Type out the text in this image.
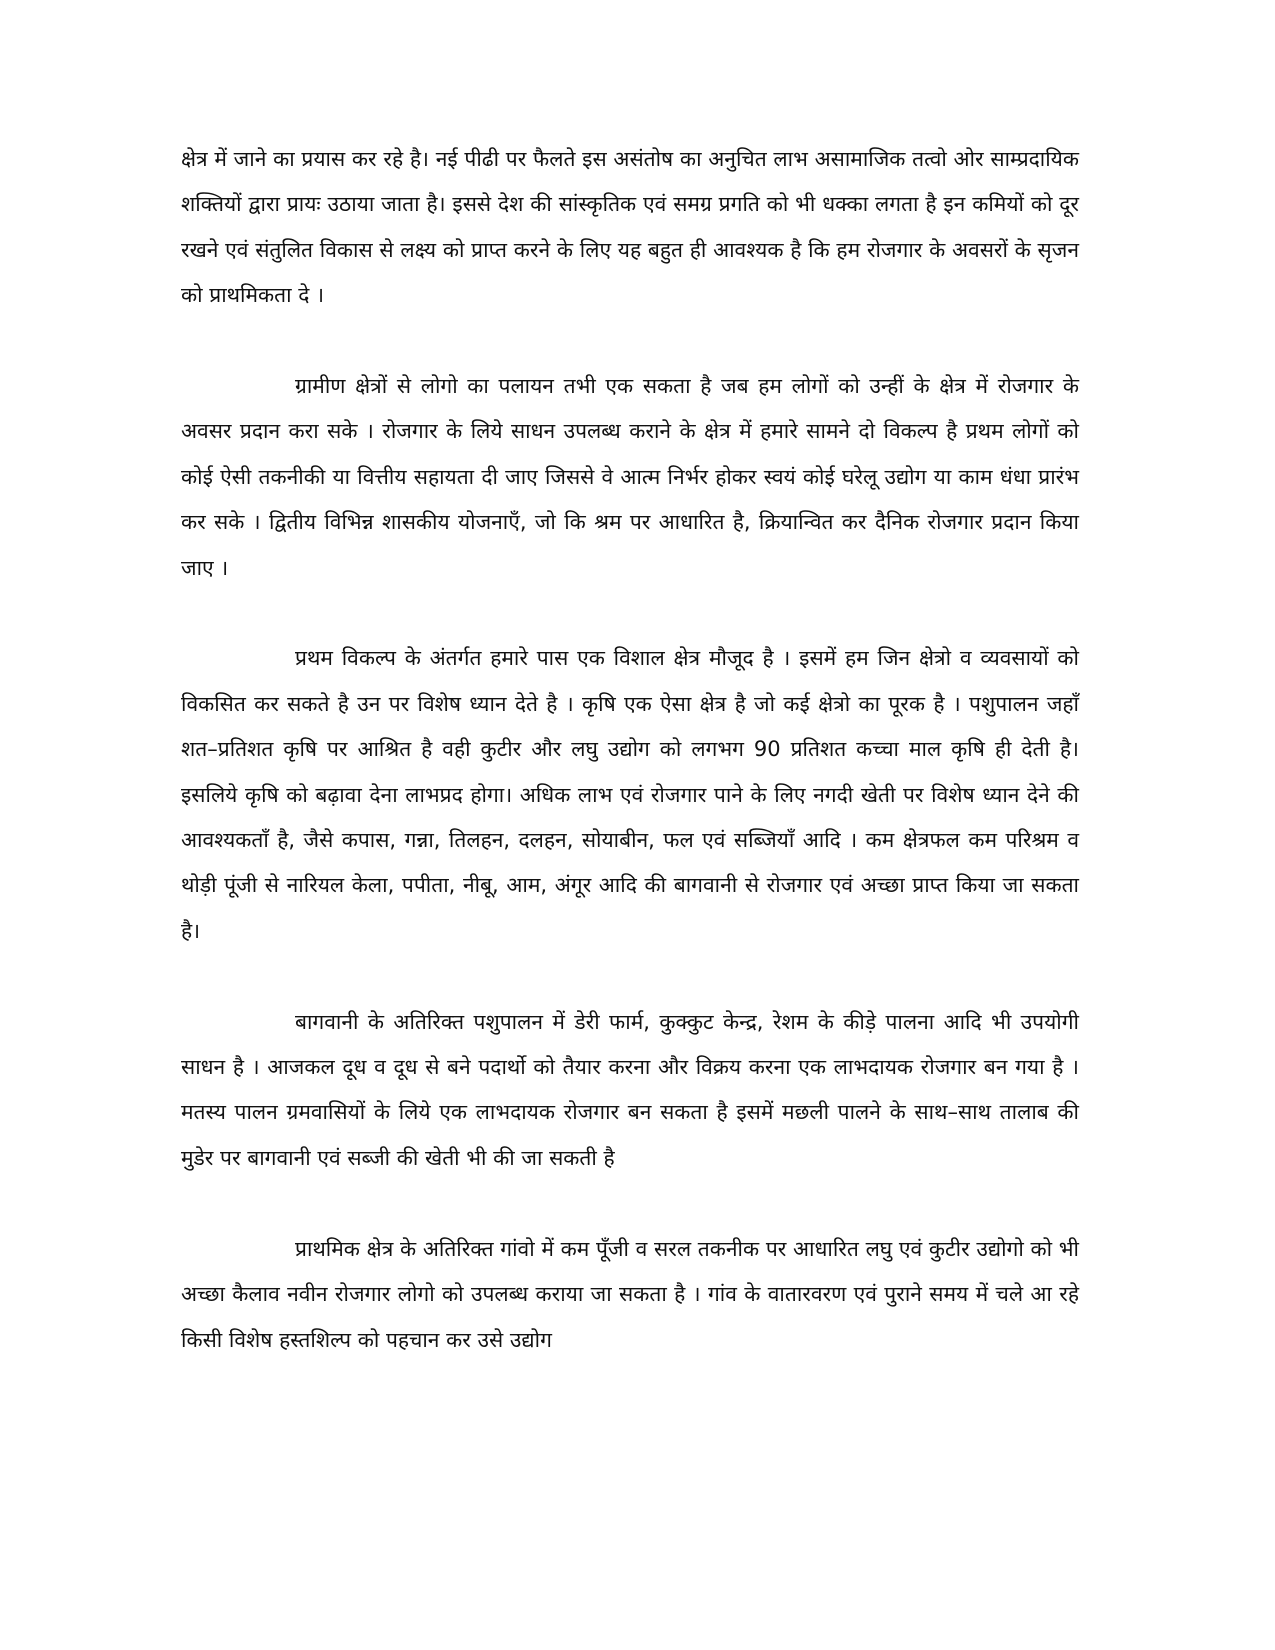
क्षेत्र में जाने का प्रयास कर रहे है। नई पीढी पर फैलते इस असंतोष का अनुचित लाभ असामाजिक तत्वो ओर साम्प्रदायिक शक्तियों द्वारा प्रायः उठाया जाता है। इससे देश की सांस्कृतिक एवं समग्र प्रगति को भी धक्का लगता है इन कमियों को दूर रखने एवं संतुलित विकास से लक्ष्य को प्राप्त करने के लिए यह बहुत ही आवश्यक है कि हम रोजगार के अवसरों के सृजन को प्राथमिकता दे ।

ग्रामीण क्षेत्रों से लोगो का पलायन तभी एक सकता है जब हम लोगों को उन्हीं के क्षेत्र में रोजगार के अवसर प्रदान करा सके । रोजगार के लिये साधन उपलब्ध कराने के क्षेत्र में हमारे सामने दो विकल्प है प्रथम लोगों को कोई ऐसी तकनीकी या वित्तीय सहायता दी जाए जिससे वे आत्म निर्भर होकर स्वयं कोई घरेलू उद्योग या काम धंधा प्रारंभ कर सके । द्वितीय विभिन्न शासकीय योजनाएँ, जो कि श्रम पर आधारित है, क्रियान्वित कर दैनिक रोजगार प्रदान किया जाए ।

प्रथम विकल्प के अंतर्गत हमारे पास एक विशाल क्षेत्र मौजूद है । इसमें हम जिन क्षेत्रो व व्यवसायों को विकसित कर सकते है उन पर विशेष ध्यान देते है । कृषि एक ऐसा क्षेत्र है जो कई क्षेत्रो का पूरक है । पशुपालन जहाँ शत–प्रतिशत कृषि पर आश्रित है वही कुटीर और लघु उद्योग को लगभग 90 प्रतिशत कच्चा माल कृषि ही देती है। इसलिये कृषि को बढ़ावा देना लाभप्रद होगा। अधिक लाभ एवं रोजगार पाने के लिए नगदी खेती पर विशेष ध्यान देने की आवश्यकताँ है, जैसे कपास, गन्ना, तिलहन, दलहन, सोयाबीन, फल एवं सब्जियाँ आदि । कम क्षेत्रफल कम परिश्रम व थोड़ी पूंजी से नारियल केला, पपीता, नीबू, आम, अंगूर आदि की बागवानी से रोजगार एवं अच्छा प्राप्त किया जा सकता है।

बागवानी के अतिरिक्त पशुपालन में डेरी फार्म, कुक्कुट केन्द्र, रेशम के कीड़े पालना आदि भी उपयोगी साधन है । आजकल दूध व दूध से बने पदार्थो को तैयार करना और विक्रय करना एक लाभदायक रोजगार बन गया है । मतस्य पालन ग्रमवासियों के लिये एक लाभदायक रोजगार बन सकता है इसमें मछली पालने के साथ–साथ तालाब की मुडेर पर बागवानी एवं सब्जी की खेती भी की जा सकती है

प्राथमिक क्षेत्र के अतिरिक्त गांवो में कम पूँजी व सरल तकनीक पर आधारित लघु एवं कुटीर उद्योगो को भी अच्छा कैलाव नवीन रोजगार लोगो को उपलब्ध कराया जा सकता है । गांव के वातारवरण एवं पुराने समय में चले आ रहे किसी विशेष हस्तशिल्प को पहचान कर उसे उद्योग
